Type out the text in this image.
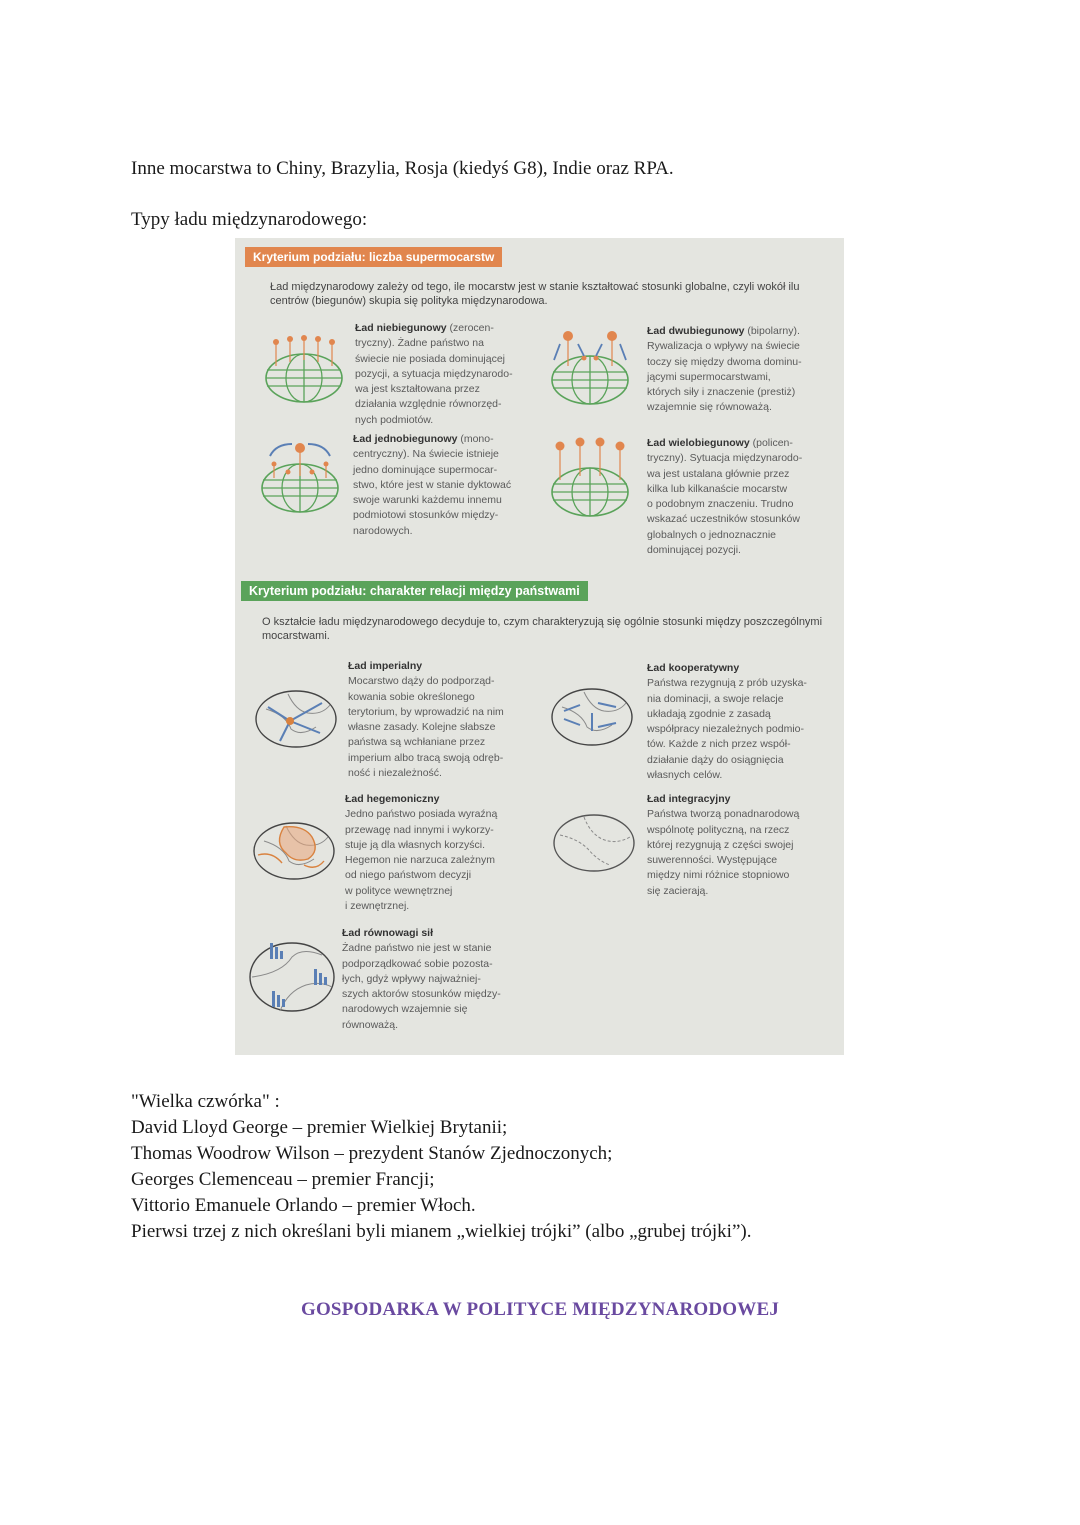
Inne mocarstwa to Chiny, Brazylia, Rosja (kiedyś G8), Indie oraz RPA.
Typy ładu międzynarodowego:
Kryterium podziału: liczba supermocarstw
Ład międzynarodowy zależy od tego, ile mocarstw jest w stanie kształtować stosunki globalne, czyli wokół ilu centrów (biegunów) skupia się polityka międzynarodowa.
Ład niebiegunowy (zerocen-
tryczny). Żadne państwo na
świecie nie posiada dominującej
pozycji, a sytuacja międzynarodo-
wa jest kształtowana przez
działania względnie równorzęd-
nych podmiotów.
Ład dwubiegunowy (bipolarny).
Rywalizacja o wpływy na świecie
toczy się między dwoma dominu-
jącymi supermocarstwami,
których siły i znaczenie (prestiż)
wzajemnie się równoważą.
Ład jednobiegunowy (mono-
centryczny). Na świecie istnieje
jedno dominujące supermocar-
stwo, które jest w stanie dyktować
swoje warunki każdemu innemu
podmiotowi stosunków między-
narodowych.
Ład wielobiegunowy (policen-
tryczny). Sytuacja międzynarodo-
wa jest ustalana głównie przez
kilka lub kilkanaście mocarstw
o podobnym znaczeniu. Trudno
wskazać uczestników stosunków
globalnych o jednoznacznie
dominującej pozycji.
Kryterium podziału: charakter relacji między państwami
O kształcie ładu międzynarodowego decyduje to, czym charakteryzują się ogólnie stosunki między poszczególnymi mocarstwami.
Ład imperialny
Mocarstwo dąży do podporząd-
kowania sobie określonego
terytorium, by wprowadzić na nim
własne zasady. Kolejne słabsze
państwa są wchłaniane przez
imperium albo tracą swoją odręb-
ność i niezależność.
Ład kooperatywny
Państwa rezygnują z prób uzyska-
nia dominacji, a swoje relacje
układają zgodnie z zasadą
współpracy niezależnych podmio-
tów. Każde z nich przez współ-
działanie dąży do osiągnięcia
własnych celów.
Ład hegemoniczny
Jedno państwo posiada wyraźną
przewagę nad innymi i wykorzy-
stuje ją dla własnych korzyści.
Hegemon nie narzuca zależnym
od niego państwom decyzji
w polityce wewnętrznej
i zewnętrznej.
Ład integracyjny
Państwa tworzą ponadnarodową
wspólnotę polityczną, na rzecz
której rezygnują z części swojej
suwerenności. Występujące
między nimi różnice stopniowo
się zacierają.
Ład równowagi sił
Żadne państwo nie jest w stanie
podporządkować sobie pozosta-
łych, gdyż wpływy najważniej-
szych aktorów stosunków między-
narodowych wzajemnie się
równoważą.
"Wielka czwórka" :
David Lloyd George – premier Wielkiej Brytanii;
Thomas Woodrow Wilson – prezydent Stanów Zjednoczonych;
Georges Clemenceau – premier Francji;
Vittorio Emanuele Orlando – premier Włoch.
Pierwsi trzej z nich określani byli mianem „wielkiej trójki” (albo „grubej trójki”).
GOSPODARKA W POLITYCE MIĘDZYNARODOWEJ
